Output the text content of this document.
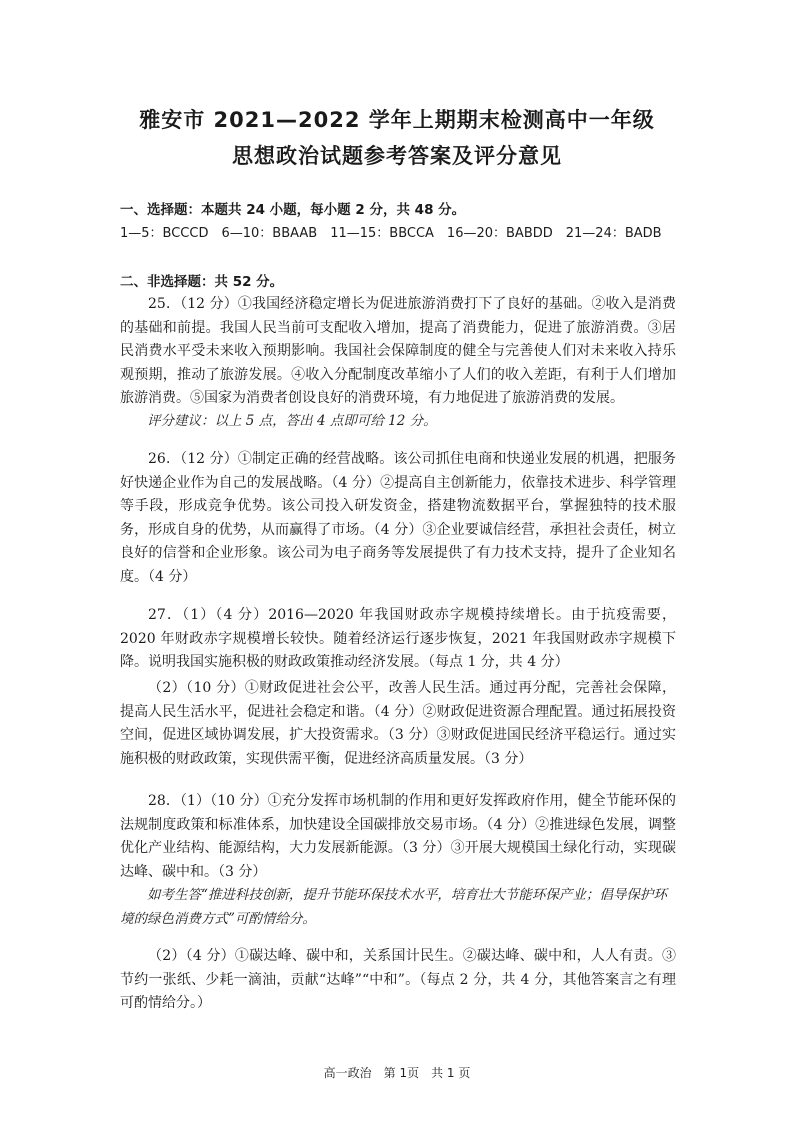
雅安市 2021—2022 学年上期期末检测高中一年级
思想政治试题参考答案及评分意见
一、选择题：本题共 24 小题，每小题 2 分，共 48 分。
1—5：BCCCD　6—10：BBAAB　11—15：BBCCA　16—20：BABDD　21—24：BADB
二、非选择题：共 52 分。
25．（12 分）①我国经济稳定增长为促进旅游消费打下了良好的基础。②收入是消费的基础和前提。我国人民当前可支配收入增加，提高了消费能力，促进了旅游消费。③居民消费水平受未来收入预期影响。我国社会保障制度的健全与完善使人们对未来收入持乐观预期，推动了旅游发展。④收入分配制度改革缩小了人们的收入差距，有利于人们增加旅游消费。⑤国家为消费者创设良好的消费环境，有力地促进了旅游消费的发展。
评分建议：以上 5 点，答出 4 点即可给 12 分。
26．（12 分）①制定正确的经营战略。该公司抓住电商和快递业发展的机遇，把服务好快递企业作为自己的发展战略。（4 分）②提高自主创新能力，依靠技术进步、科学管理等手段，形成竞争优势。该公司投入研发资金，搭建物流数据平台，掌握独特的技术服务，形成自身的优势，从而赢得了市场。（4 分）③企业要诚信经营，承担社会责任，树立良好的信誉和企业形象。该公司为电子商务等发展提供了有力技术支持，提升了企业知名度。（4 分）
27．（1）（4 分）2016—2020 年我国财政赤字规模持续增长。由于抗疫需要，2020 年财政赤字规模增长较快。随着经济运行逐步恢复，2021 年我国财政赤字规模下降。说明我国实施积极的财政政策推动经济发展。（每点 1 分，共 4 分）
（2）（10 分）①财政促进社会公平，改善人民生活。通过再分配，完善社会保障，提高人民生活水平，促进社会稳定和谐。（4 分）②财政促进资源合理配置。通过拓展投资空间，促进区域协调发展，扩大投资需求。（3 分）③财政促进国民经济平稳运行。通过实施积极的财政政策，实现供需平衡，促进经济高质量发展。（3 分）
28．（1）（10 分）①充分发挥市场机制的作用和更好发挥政府作用，健全节能环保的法规制度政策和标准体系，加快建设全国碳排放交易市场。（4 分）②推进绿色发展，调整优化产业结构、能源结构，大力发展新能源。（3 分）③开展大规模国土绿化行动，实现碳达峰、碳中和。（3 分）
如考生答“推进科技创新，提升节能环保技术水平，培育壮大节能环保产业；倡导保护环境的绿色消费方式”可酌情给分。
（2）（4 分）①碳达峰、碳中和，关系国计民生。②碳达峰、碳中和，人人有责。③节约一张纸、少耗一滴油，贡献“达峰”“中和”。（每点 2 分，共 4 分，其他答案言之有理可酌情给分。）
高一政治　第 1页　共 1 页
